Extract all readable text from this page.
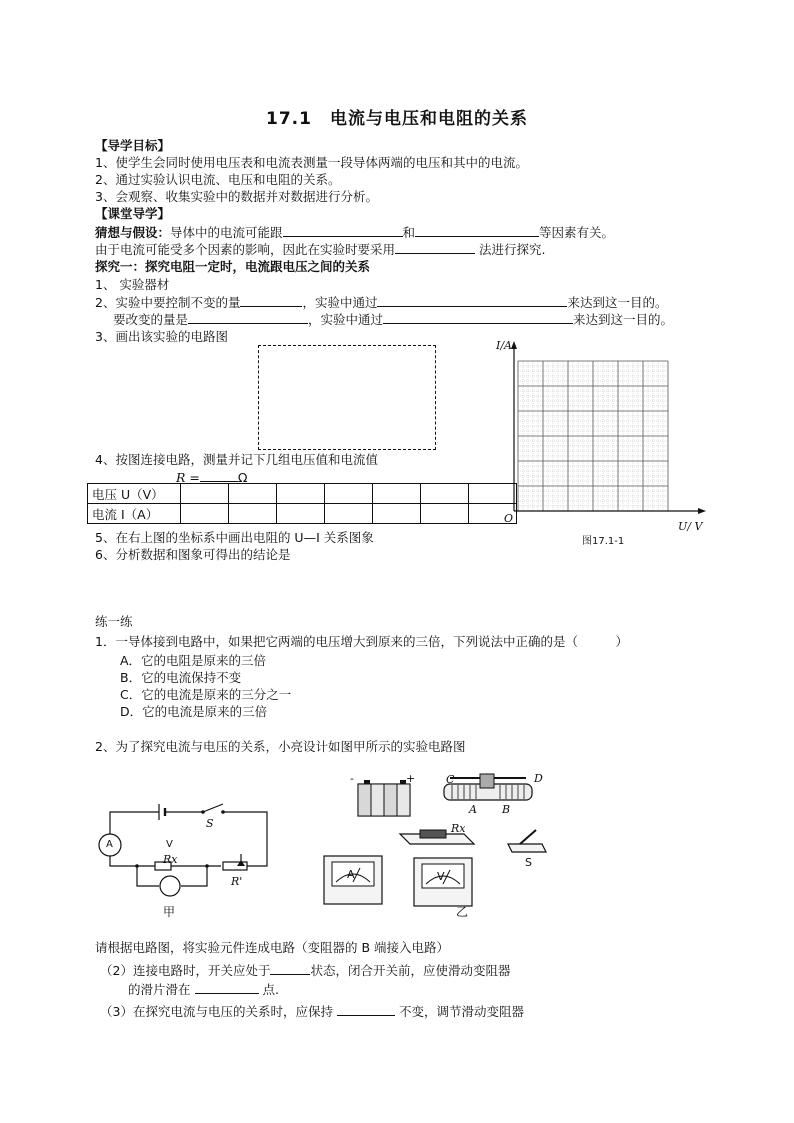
17.1　电流与电压和电阻的关系
【导学目标】
1、使学生会同时使用电压表和电流表测量一段导体两端的电压和其中的电流。
2、通过实验认识电流、电压和电阻的关系。
3、会观察、收集实验中的数据并对数据进行分析。
【课堂导学】
猜想与假设：导体中的电流可能跟	和	等因素有关。
由于电流可能受多个因素的影响，因此在实验时要采用	法进行探究.
探究一：探究电阻一定时，电流跟电压之间的关系
1、 实验器材
2、实验中要控制不变的量	，实验中通过	来达到这一目的。
要改变的量是	，实验中通过	来达到这一目的。
3、画出该实验的电路图
4、按图连接电路，测量并记下几组电压值和电流值
R =	Ω
电压 U（V）							
电流 I（A）							
5、在右上图的坐标系中画出电阻的 U—I 关系图象
6、分析数据和图象可得出的结论是
I/A
O
U/ V
图17.1-1
练一练
1．一导体接到电路中，如果把它两端的电压增大到原来的三倍，下列说法中正确的是（　　　）
A．它的电阻是原来的三倍
B．它的电流保持不变
C．它的电流是原来的三分之一
D．它的电流是原来的三倍
2、为了探究电流与电压的关系，小亮设计如图甲所示的实验电路图
A	V
S
Rx
R'
甲
-	+	C	D
A B
Rx
S
A	V
乙
请根据电路图，将实验元件连成电路（变阻器的 B 端接入电路）
（2）连接电路时，开关应处于	状态，闭合开关前，应使滑动变阻器
的滑片滑在	点.
（3）在探究电流与电压的关系时，应保持	不变，调节滑动变阻器
